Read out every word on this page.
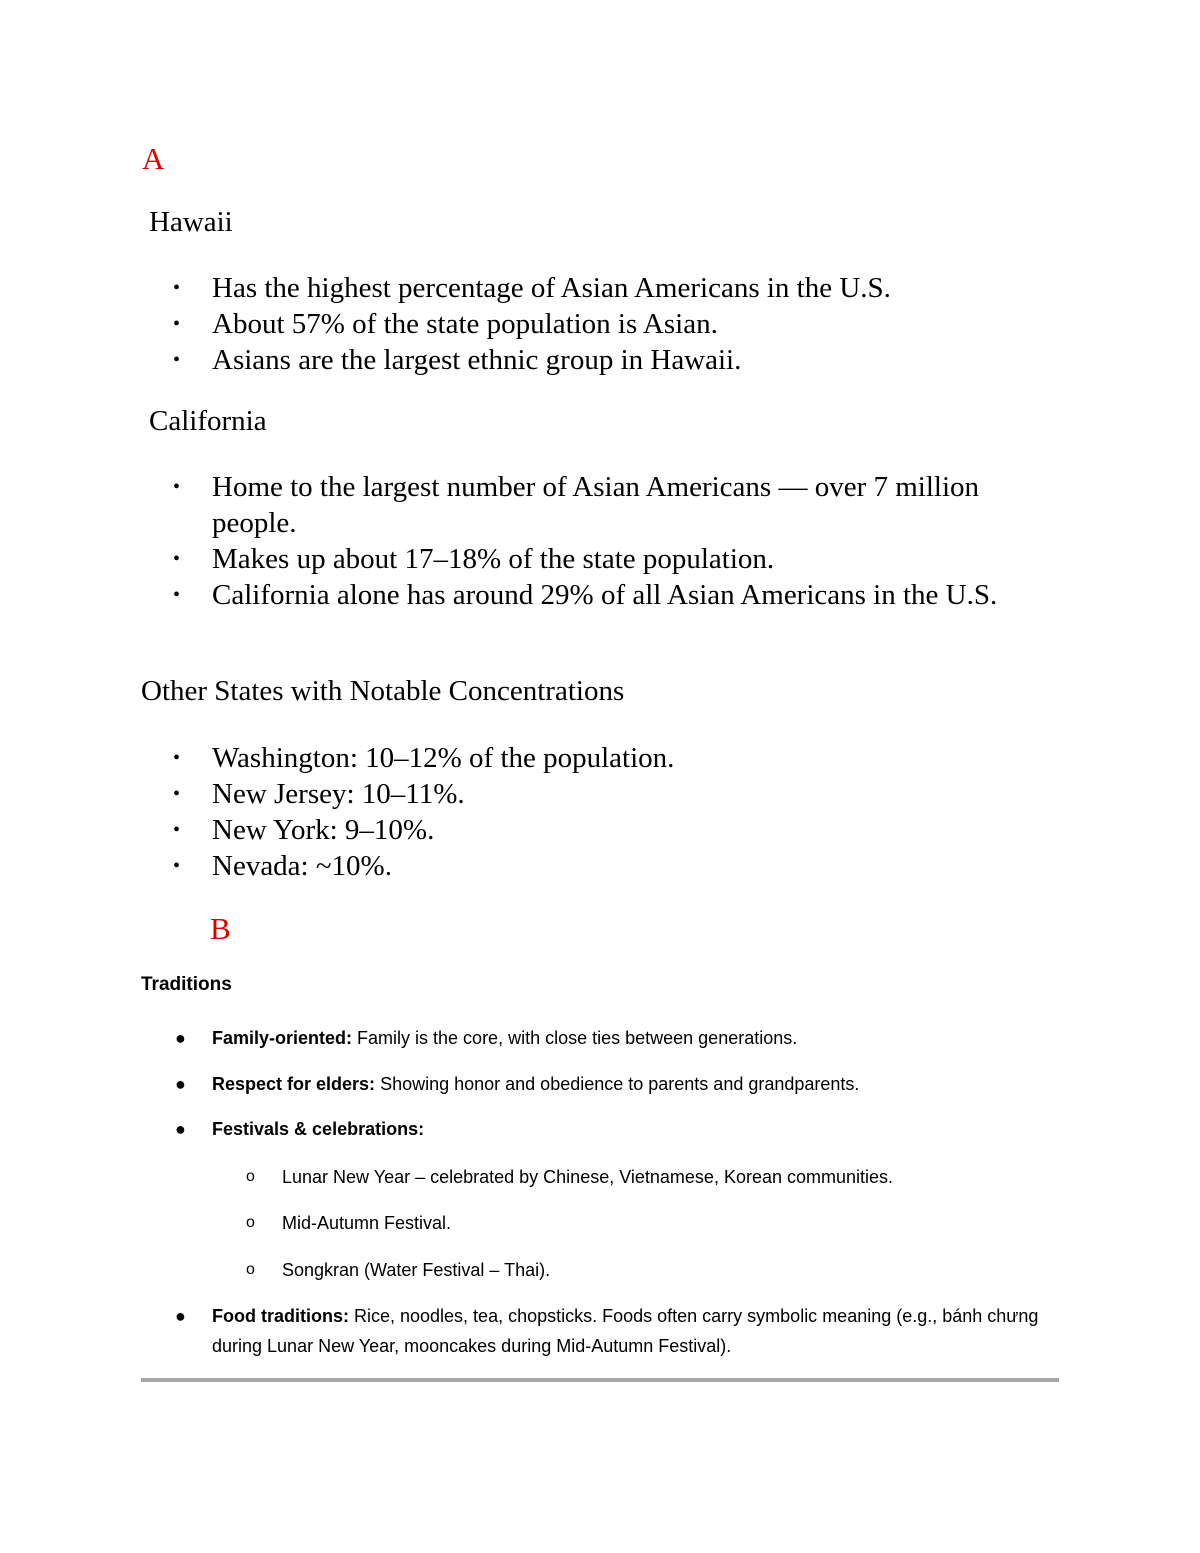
A
Hawaii
• Has the highest percentage of Asian Americans in the U.S.
• About 57% of the state population is Asian.
• Asians are the largest ethnic group in Hawaii.
California
• Home to the largest number of Asian Americans — over 7 million people.
• Makes up about 17–18% of the state population.
• California alone has around 29% of all Asian Americans in the U.S.
Other States with Notable Concentrations
• Washington: 10–12% of the population.
• New Jersey: 10–11%.
• New York: 9–10%.
• Nevada: ~10%.
B
Traditions
● Family-oriented: Family is the core, with close ties between generations.
● Respect for elders: Showing honor and obedience to parents and grandparents.
● Festivals & celebrations:
o Lunar New Year – celebrated by Chinese, Vietnamese, Korean communities.
o Mid-Autumn Festival.
o Songkran (Water Festival – Thai).
● Food traditions: Rice, noodles, tea, chopsticks. Foods often carry symbolic meaning (e.g., bánh chưng during Lunar New Year, mooncakes during Mid-Autumn Festival).
